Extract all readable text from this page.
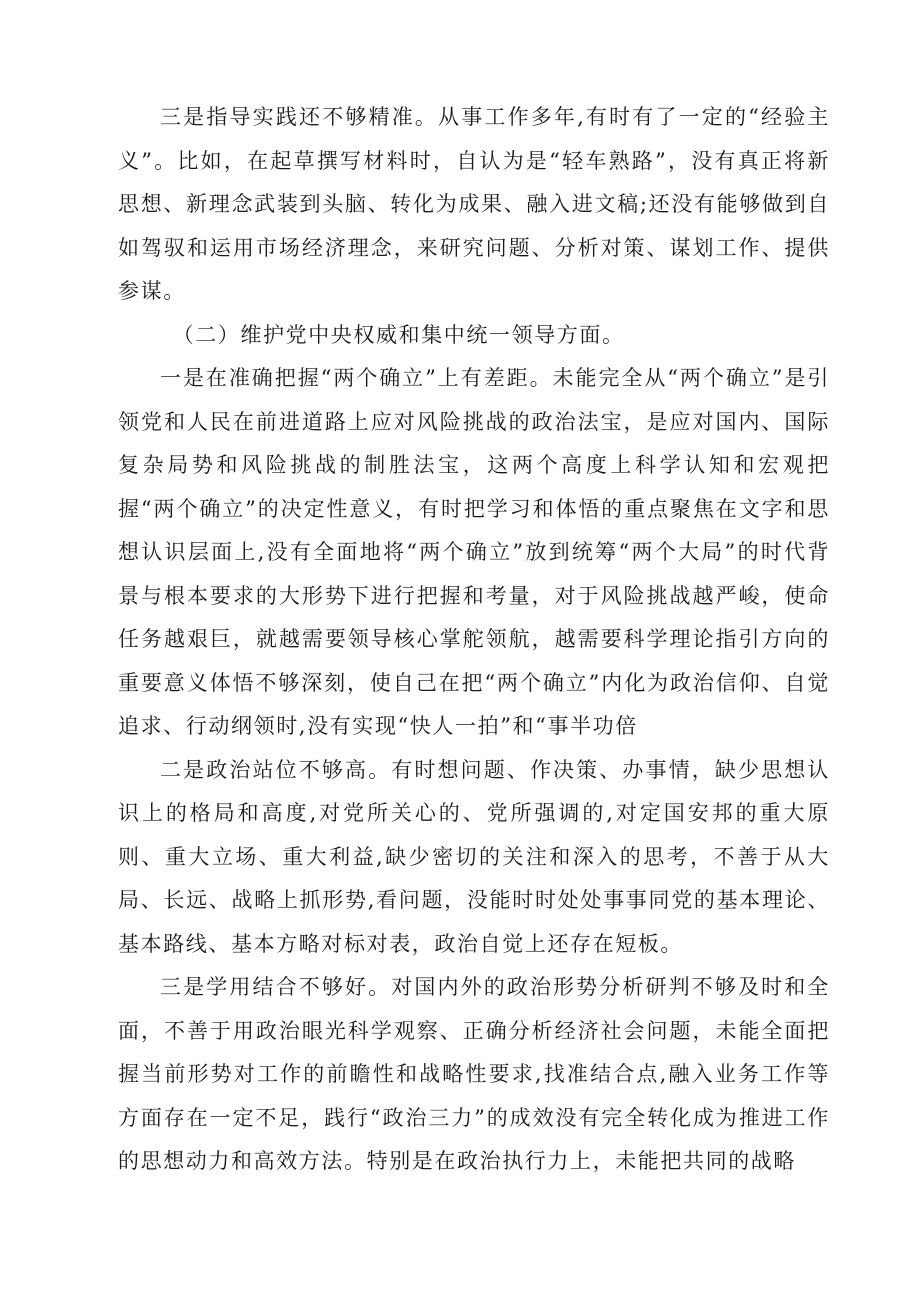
三是指导实践还不够精准。从事工作多年,有时有了一定的“经验主义”。比如，在起草撰写材料时，自认为是“轻车熟路”，没有真正将新思想、新理念武装到头脑、转化为成果、融入进文稿;还没有能够做到自如驾驭和运用市场经济理念，来研究问题、分析对策、谋划工作、提供参谋。

（二）维护党中央权威和集中统一领导方面。

一是在准确把握“两个确立”上有差距。未能完全从“两个确立”是引领党和人民在前进道路上应对风险挑战的政治法宝，是应对国内、国际复杂局势和风险挑战的制胜法宝，这两个高度上科学认知和宏观把握“两个确立”的决定性意义，有时把学习和体悟的重点聚焦在文字和思想认识层面上,没有全面地将“两个确立”放到统筹“两个大局”的时代背景与根本要求的大形势下进行把握和考量，对于风险挑战越严峻，使命任务越艰巨，就越需要领导核心掌舵领航，越需要科学理论指引方向的重要意义体悟不够深刻，使自己在把“两个确立”内化为政治信仰、自觉追求、行动纲领时,没有实现“快人一拍”和“事半功倍

二是政治站位不够高。有时想问题、作决策、办事情，缺少思想认识上的格局和高度,对党所关心的、党所强调的,对定国安邦的重大原则、重大立场、重大利益,缺少密切的关注和深入的思考，不善于从大局、长远、战略上抓形势,看问题，没能时时处处事事同党的基本理论、基本路线、基本方略对标对表，政治自觉上还存在短板。

三是学用结合不够好。对国内外的政治形势分析研判不够及时和全面，不善于用政治眼光科学观察、正确分析经济社会问题，未能全面把握当前形势对工作的前瞻性和战略性要求,找准结合点,融入业务工作等方面存在一定不足，践行“政治三力”的成效没有完全转化成为推进工作的思想动力和高效方法。特别是在政治执行力上，未能把共同的战略
